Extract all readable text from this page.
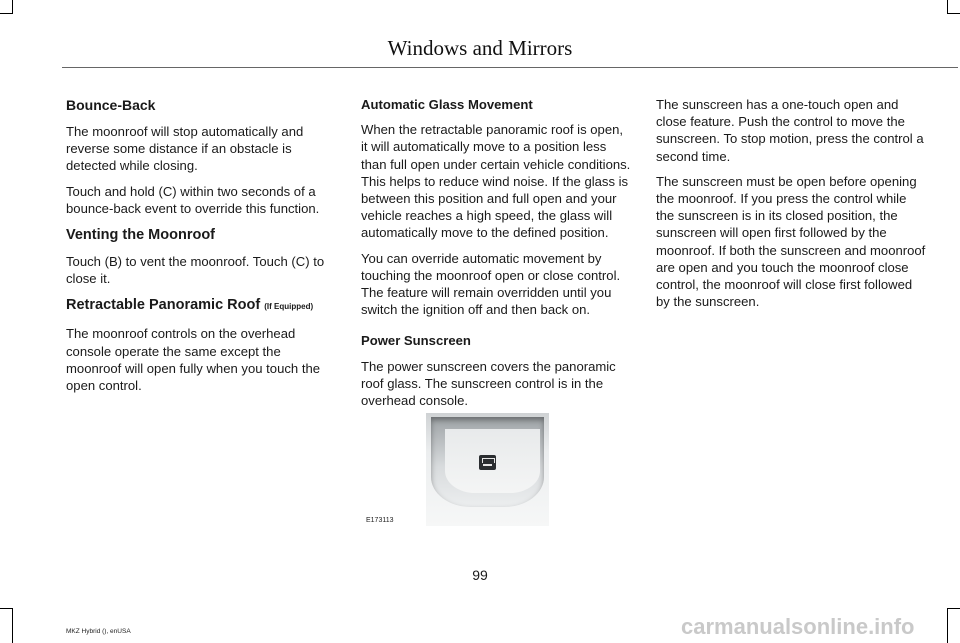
Windows and Mirrors
Bounce-Back

The moonroof will stop automatically and reverse some distance if an obstacle is detected while closing.

Touch and hold (C) within two seconds of a bounce-back event to override this function.

Venting the Moonroof

Touch (B) to vent the moonroof. Touch (C) to close it.

Retractable Panoramic Roof (If Equipped)

The moonroof controls on the overhead console operate the same except the moonroof will open fully when you touch the open control.

Automatic Glass Movement

When the retractable panoramic roof is open, it will automatically move to a position less than full open under certain vehicle conditions. This helps to reduce wind noise. If the glass is between this position and full open and your vehicle reaches a high speed, the glass will automatically move to the defined position.

You can override automatic movement by touching the moonroof open or close control. The feature will remain overridden until you switch the ignition off and then back on.

Power Sunscreen

The power sunscreen covers the panoramic roof glass. The sunscreen control is in the overhead console.

The sunscreen has a one-touch open and close feature. Push the control to move the sunscreen. To stop motion, press the control a second time.

The sunscreen must be open before opening the moonroof. If you press the control while the sunscreen is in its closed position, the sunscreen will open first followed by the moonroof. If both the sunscreen and moonroof are open and you touch the moonroof close control, the moonroof will close first followed by the sunscreen.

E173113
99
MKZ Hybrid (), enUSA	carmanualsonline.info
